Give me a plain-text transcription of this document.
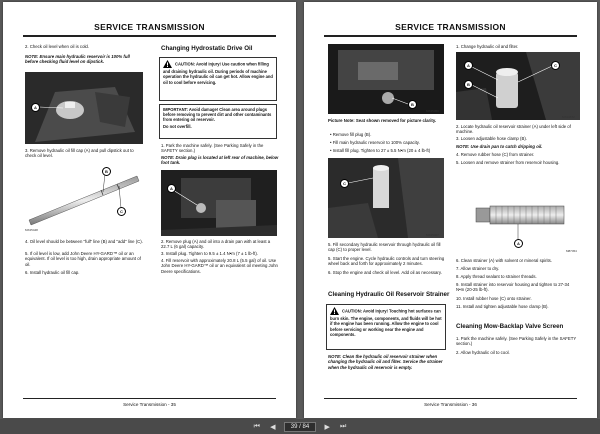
SERVICE TRANSMISSION
2. Check oil level when oil is cold.
NOTE: Ensure main hydraulic reservoir is 100% full before checking fluid level on dipstick.
A
MX25447
3. Remove hydraulic oil fill cap (A) and pull dipstick out to check oil level.
B
C
MX25448
4. Oil level should be between "full" line (B) and "add" line (C).
5. If oil level is low, add John Deere HY-GARD™ oil or an equivalent. If oil level is too high, drain appropriate amount of oil.
6. Install hydraulic oil fill cap.
Changing Hydrostatic Drive Oil
CAUTION: Avoid injury! Use caution when filling and draining hydraulic oil. During periods of machine operation the hydraulic oil can get hot. Allow engine and oil to cool before servicing.
IMPORTANT: Avoid damage! Clean area around plugs before removing to prevent dirt and other contaminants from entering oil reservoir.
Do not overfill.
1. Park the machine safely. (See Parking Safely in the SAFETY section.)
NOTE: Drain plug is located at left rear of machine, below foot tank.
A
MX25449
2. Remove plug (A) and oil into a drain pan with at least a 22.7 L (6 gal) capacity.
3. Install plug. Tighten to 9.5 ± 1.4 N•m (7 ± 1 lb-ft).
4. Fill reservoir with approximately 20.8 L (5.5 gal) of oil. Use John Deere HY-GARD™ oil or an equivalent oil meeting John Deere specifications.
Service Transmission - 35
SERVICE TRANSMISSION
B
MX25450
Picture Note: Seat shown removed for picture clarity.
• Remove fill plug (B).
• Fill main hydraulic reservoir to 100% capacity.
• Install fill plug. Tighten to 27 ± 5.5 N•m (20 ± 4 lb-ft)
C
MX25467
5. Fill secondary hydraulic reservoir through hydraulic oil fill cap (C) to proper level.
5. Start the engine. Cycle hydraulic controls and turn steering wheel back and forth for approximately 2 minutes.
6. Stop the engine and check oil level. Add oil as necessary.
Cleaning Hydraulic Oil Reservoir Strainer
CAUTION: Avoid injury! Touching hot surfaces can burn skin. The engine, components, and fluids will be hot if the engine has been running. Allow the engine to cool before servicing or working near the engine and components.
NOTE: Clean the hydraulic oil reservoir strainer when changing the hydraulic oil and filter. Service the strainer when the hydraulic oil reservoir is empty.
1. Change hydraulic oil and filter.
A
B
C
MX24672
2. Locate hydraulic oil reservoir strainer (A) under left side of machine.
3. Loosen adjustable hose clamp (B).
NOTE: Use drain pan to catch dripping oil.
4. Remove rubber hose (C) from strainer.
5. Loosen and remove strainer from reservoir housing.
A
M87454
6. Clean strainer (A) with solvent or mineral spirits.
7. Allow strainer to dry.
8. Apply thread sealant to strainer threads.
9. Install strainer into reservoir housing and tighten to 27-34 N•m (20-25 lb-ft).
10. Install rubber hose (C) onto strainer.
11. Install and tighten adjustable hose clamp (B).
Cleaning Mow-Backlap Valve Screen
1. Park the machine safely. (See Parking Safely in the SAFETY section.)
2. Allow hydraulic oil to cool.
Service Transmission - 36
⏮	◀	39 / 84	▶	⏭
